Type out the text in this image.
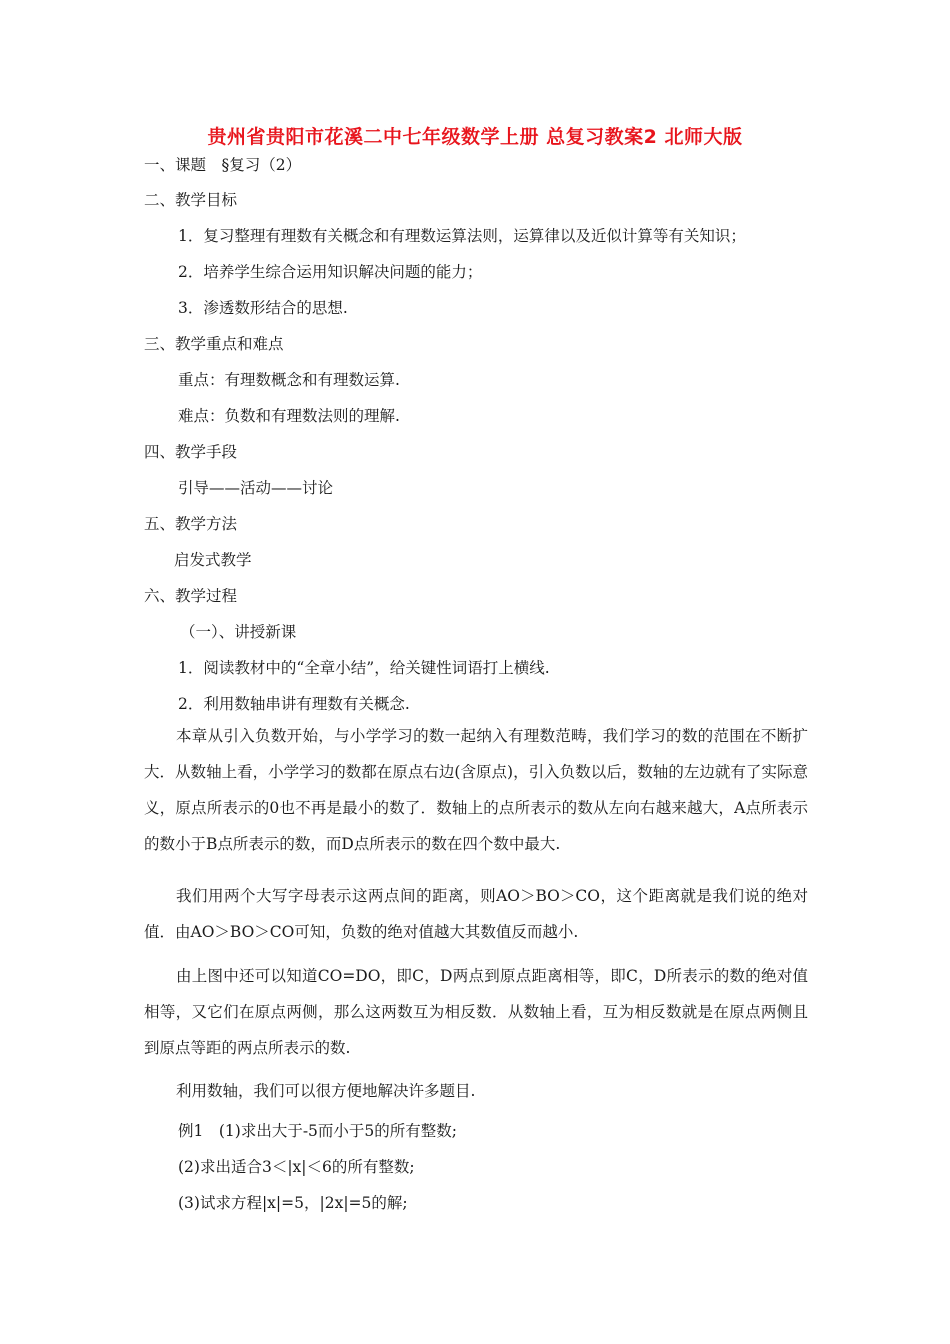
贵州省贵阳市花溪二中七年级数学上册 总复习教案2 北师大版
一、课题　§复习（2）
二、教学目标
1．复习整理有理数有关概念和有理数运算法则，运算律以及近似计算等有关知识；
2．培养学生综合运用知识解决问题的能力；
3．渗透数形结合的思想.
三、教学重点和难点
重点：有理数概念和有理数运算.
难点：负数和有理数法则的理解.
四、教学手段
引导——活动——讨论
五、教学方法
启发式教学
六、教学过程
（一）、讲授新课
1．阅读教材中的“全章小结”，给关键性词语打上横线.
2．利用数轴串讲有理数有关概念.
本章从引入负数开始，与小学学习的数一起纳入有理数范畴，我们学习的数的范围在不断扩大．从数轴上看，小学学习的数都在原点右边(含原点)，引入负数以后，数轴的左边就有了实际意义，原点所表示的0也不再是最小的数了．数轴上的点所表示的数从左向右越来越大，A点所表示的数小于B点所表示的数，而D点所表示的数在四个数中最大.
我们用两个大写字母表示这两点间的距离，则AO＞BO＞CO，这个距离就是我们说的绝对值．由AO＞BO＞CO可知，负数的绝对值越大其数值反而越小.
由上图中还可以知道CO=DO，即C，D两点到原点距离相等，即C，D所表示的数的绝对值相等，又它们在原点两侧，那么这两数互为相反数．从数轴上看，互为相反数就是在原点两侧且到原点等距的两点所表示的数.
利用数轴，我们可以很方便地解决许多题目.
例1　(1)求出大于-5而小于5的所有整数;
(2)求出适合3＜|x|＜6的所有整数;
(3)试求方程|x|=5，|2x|=5的解;
